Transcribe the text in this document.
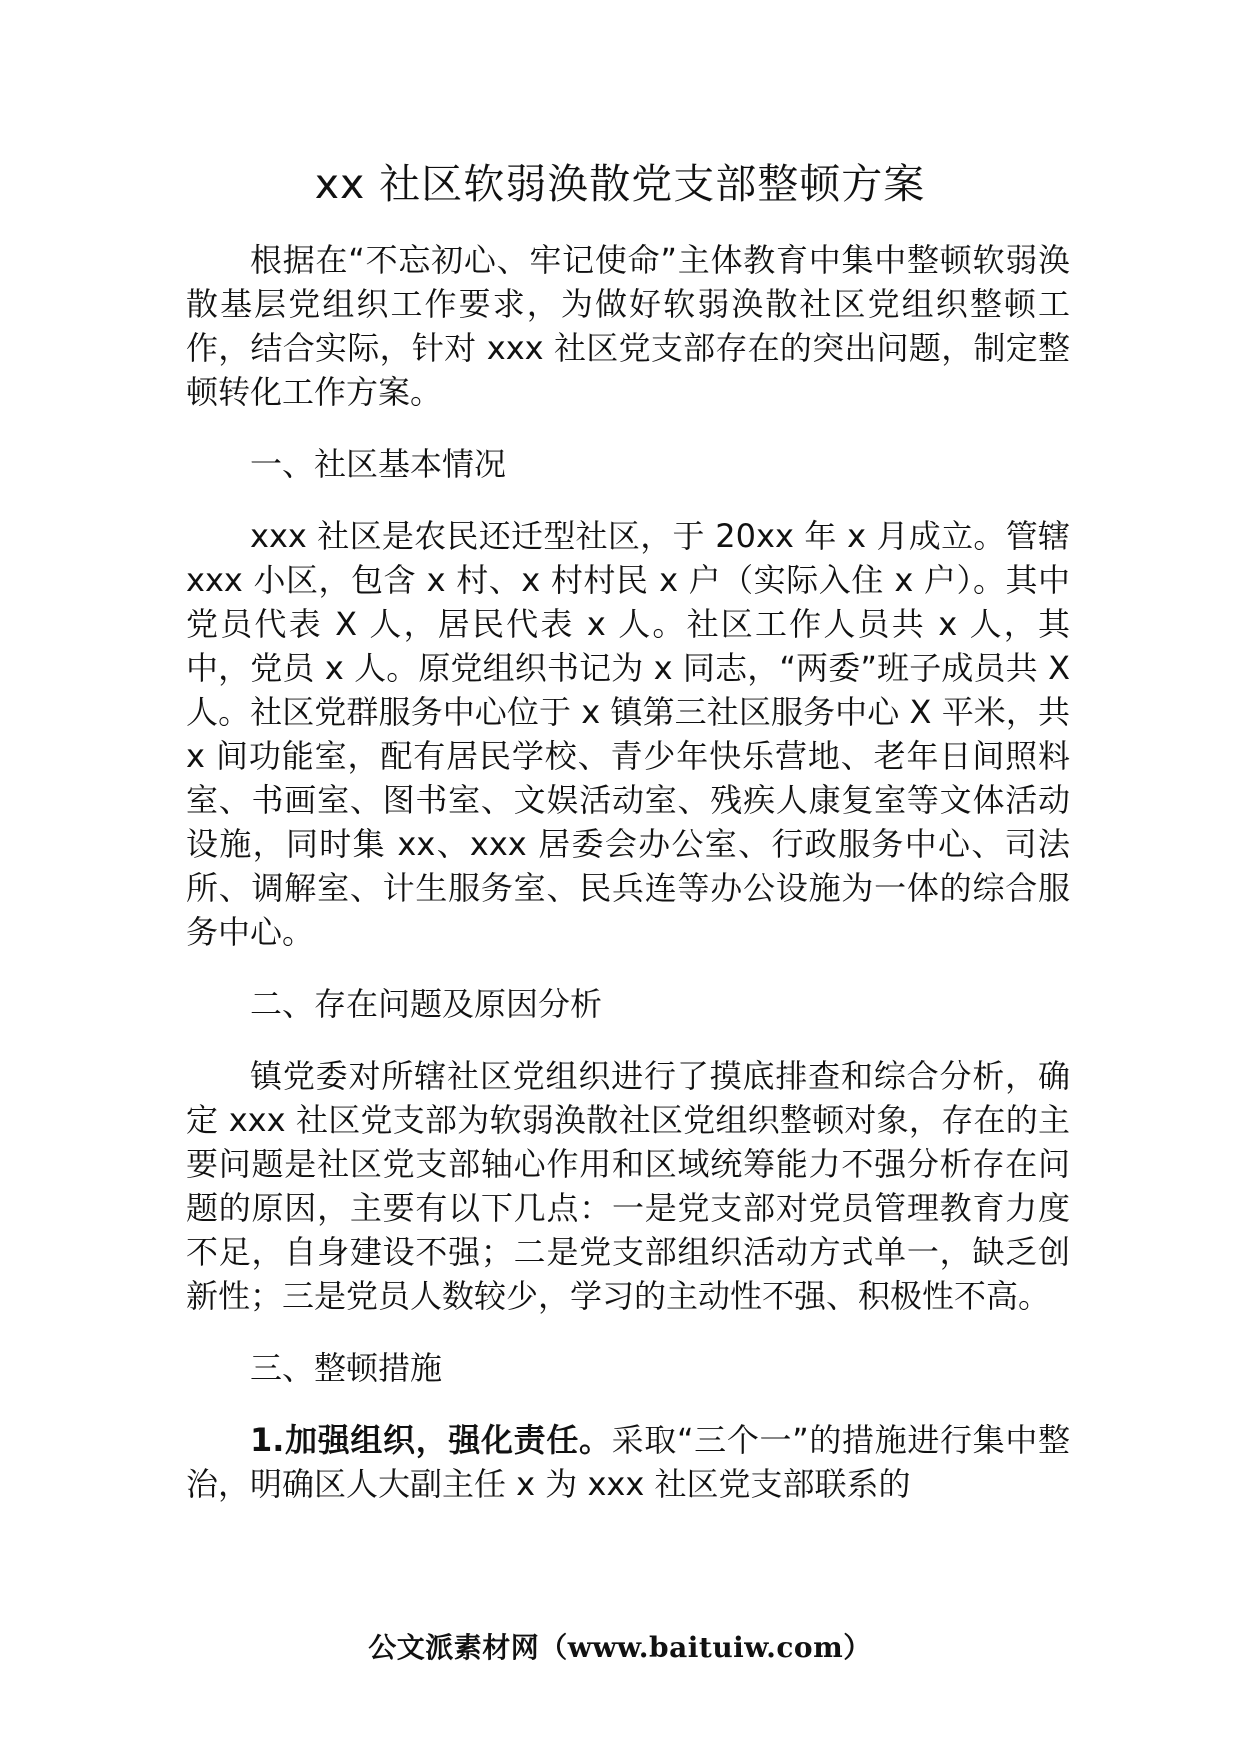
xx 社区软弱涣散党支部整顿方案

根据在“不忘初心、牢记使命”主体教育中集中整顿软弱涣散基层党组织工作要求，为做好软弱涣散社区党组织整顿工作，结合实际，针对 xxx 社区党支部存在的突出问题，制定整顿转化工作方案。

一、社区基本情况

xxx 社区是农民还迁型社区，于 20xx 年 x 月成立。管辖 xxx 小区，包含 x 村、x 村村民 x 户（实际入住 x 户）。其中党员代表 X 人，居民代表 x 人。社区工作人员共 x 人，其中，党员 x 人。原党组织书记为 x 同志，“两委”班子成员共 X 人。社区党群服务中心位于 x 镇第三社区服务中心 X 平米，共 x 间功能室，配有居民学校、青少年快乐营地、老年日间照料室、书画室、图书室、文娱活动室、残疾人康复室等文体活动设施，同时集 xx、xxx 居委会办公室、行政服务中心、司法所、调解室、计生服务室、民兵连等办公设施为一体的综合服务中心。

二、存在问题及原因分析

镇党委对所辖社区党组织进行了摸底排查和综合分析，确定 xxx 社区党支部为软弱涣散社区党组织整顿对象，存在的主要问题是社区党支部轴心作用和区域统筹能力不强分析存在问题的原因，主要有以下几点：一是党支部对党员管理教育力度不足，自身建设不强；二是党支部组织活动方式单一，缺乏创新性；三是党员人数较少，学习的主动性不强、积极性不高。

三、整顿措施

1.加强组织，强化责任。采取“三个一”的措施进行集中整治，明确区人大副主任 x 为 xxx 社区党支部联系的

公文派素材网（www.baituiw.com）
